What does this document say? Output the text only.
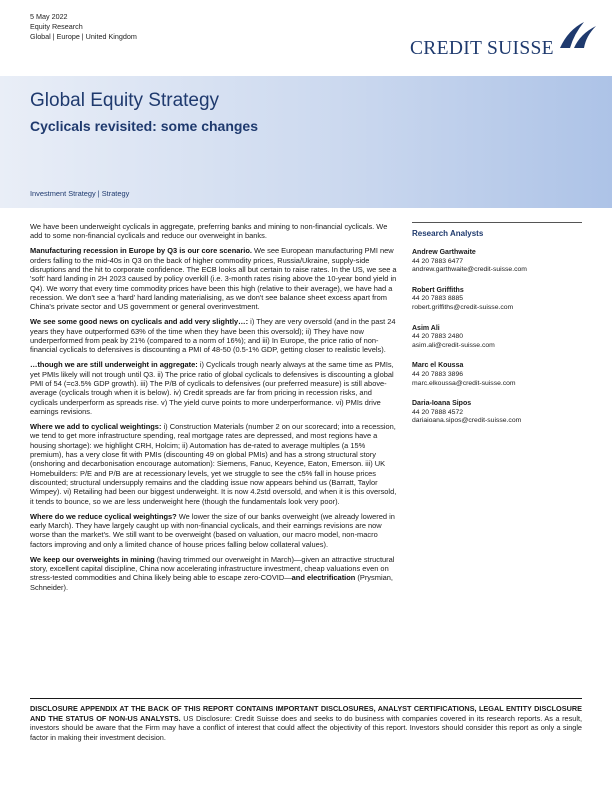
5 May 2022
Equity Research
Global | Europe | United Kingdom
CREDIT SUISSE
Global Equity Strategy
Cyclicals revisited: some changes
Investment Strategy | Strategy

We have been underweight cyclicals in aggregate, preferring banks and mining to non-financial cyclicals. We add to some non-financial cyclicals and reduce our overweight in banks.

Manufacturing recession in Europe by Q3 is our core scenario. We see European manufacturing PMI new orders falling to the mid-40s in Q3 on the back of higher commodity prices, Russia/Ukraine, supply-side disruptions and the hit to corporate confidence. The ECB looks all but certain to raise rates. In the US, we see a 'soft' hard landing in 2H 2023 caused by policy overkill (i.e. 3-month rates rising above the 10-year bond yield in Q4). We worry that every time commodity prices have been this high (relative to their average), we have had a recession. We don't see a 'hard' hard landing materialising, as we don't see balance sheet excess apart from China's private sector and US government or general overinvestment.

We see some good news on cyclicals and add very slightly…: i) They are very oversold (and in the past 24 years they have outperformed 63% of the time when they have been this oversold); ii) They have now underperformed from peak by 21% (compared to a norm of 16%); and iii) In Europe, the price ratio of non-financial cyclicals to defensives is discounting a PMI of 48-50 (0.5-1% GDP, getting closer to realistic levels).

…though we are still underweight in aggregate: i) Cyclicals trough nearly always at the same time as PMIs, yet PMIs likely will not trough until Q3. ii) The price ratio of global cyclicals to defensives is discounting a global PMI of 54 (=c3.5% GDP growth). iii) The P/B of cyclicals to defensives (our preferred measure) is still above-average (cyclicals trough when it is below). iv) Credit spreads are far from pricing in recession risks, and cyclicals underperform as spreads rise. v) The yield curve points to more underperformance. vi) PMIs drive earnings revisions.

Where we add to cyclical weightings: i) Construction Materials (number 2 on our scorecard; into a recession, we tend to get more infrastructure spending, real mortgage rates are depressed, and most regions have a housing shortage): we highlight CRH, Holcim; ii) Automation has de-rated to average multiples (a 15% premium), has a very close fit with PMIs (discounting 49 on global PMIs) and has a strong structural story (onshoring and decarbonisation encourage automation): Siemens, Fanuc, Keyence, Eaton, Emerson. iii) UK Homebuilders: P/E and P/B are at recessionary levels, yet we struggle to see the c5% fall in house prices discounted; structural undersupply remains and the cladding issue now appears behind us (Barratt, Taylor Wimpey). vi) Retailing had been our biggest underweight. It is now 4.2std oversold, and when it is this oversold, it tends to bounce, so we are less underweight here (though the fundamentals look very poor).

Where do we reduce cyclical weightings? We lower the size of our banks overweight (we already lowered in early March). They have largely caught up with non-financial cyclicals, and their earnings revisions are now worse than the market's. We still want to be overweight (based on valuation, our macro model, non-macro factors improving and only a limited chance of house prices falling below collateral values).

We keep our overweights in mining (having trimmed our overweight in March)—given an attractive structural story, excellent capital discipline, China now accelerating infrastructure investment, cheap valuations even on stress-tested commodities and China likely being able to escape zero-COVID—and electrification (Prysmian, Schneider).

Research Analysts
Andrew Garthwaite
44 20 7883 6477
andrew.garthwaite@credit-suisse.com
Robert Griffiths
44 20 7883 8885
robert.griffiths@credit-suisse.com
Asim Ali
44 20 7883 2480
asim.ali@credit-suisse.com
Marc el Koussa
44 20 7883 3896
marc.elkoussa@credit-suisse.com
Daria-Ioana Sipos
44 20 7888 4572
dariaioana.sipos@credit-suisse.com
DISCLOSURE APPENDIX AT THE BACK OF THIS REPORT CONTAINS IMPORTANT DISCLOSURES, ANALYST CERTIFICATIONS, LEGAL ENTITY DISCLOSURE AND THE STATUS OF NON-US ANALYSTS. US Disclosure: Credit Suisse does and seeks to do business with companies covered in its research reports. As a result, investors should be aware that the Firm may have a conflict of interest that could affect the objectivity of this report. Investors should consider this report as only a single factor in making their investment decision.
